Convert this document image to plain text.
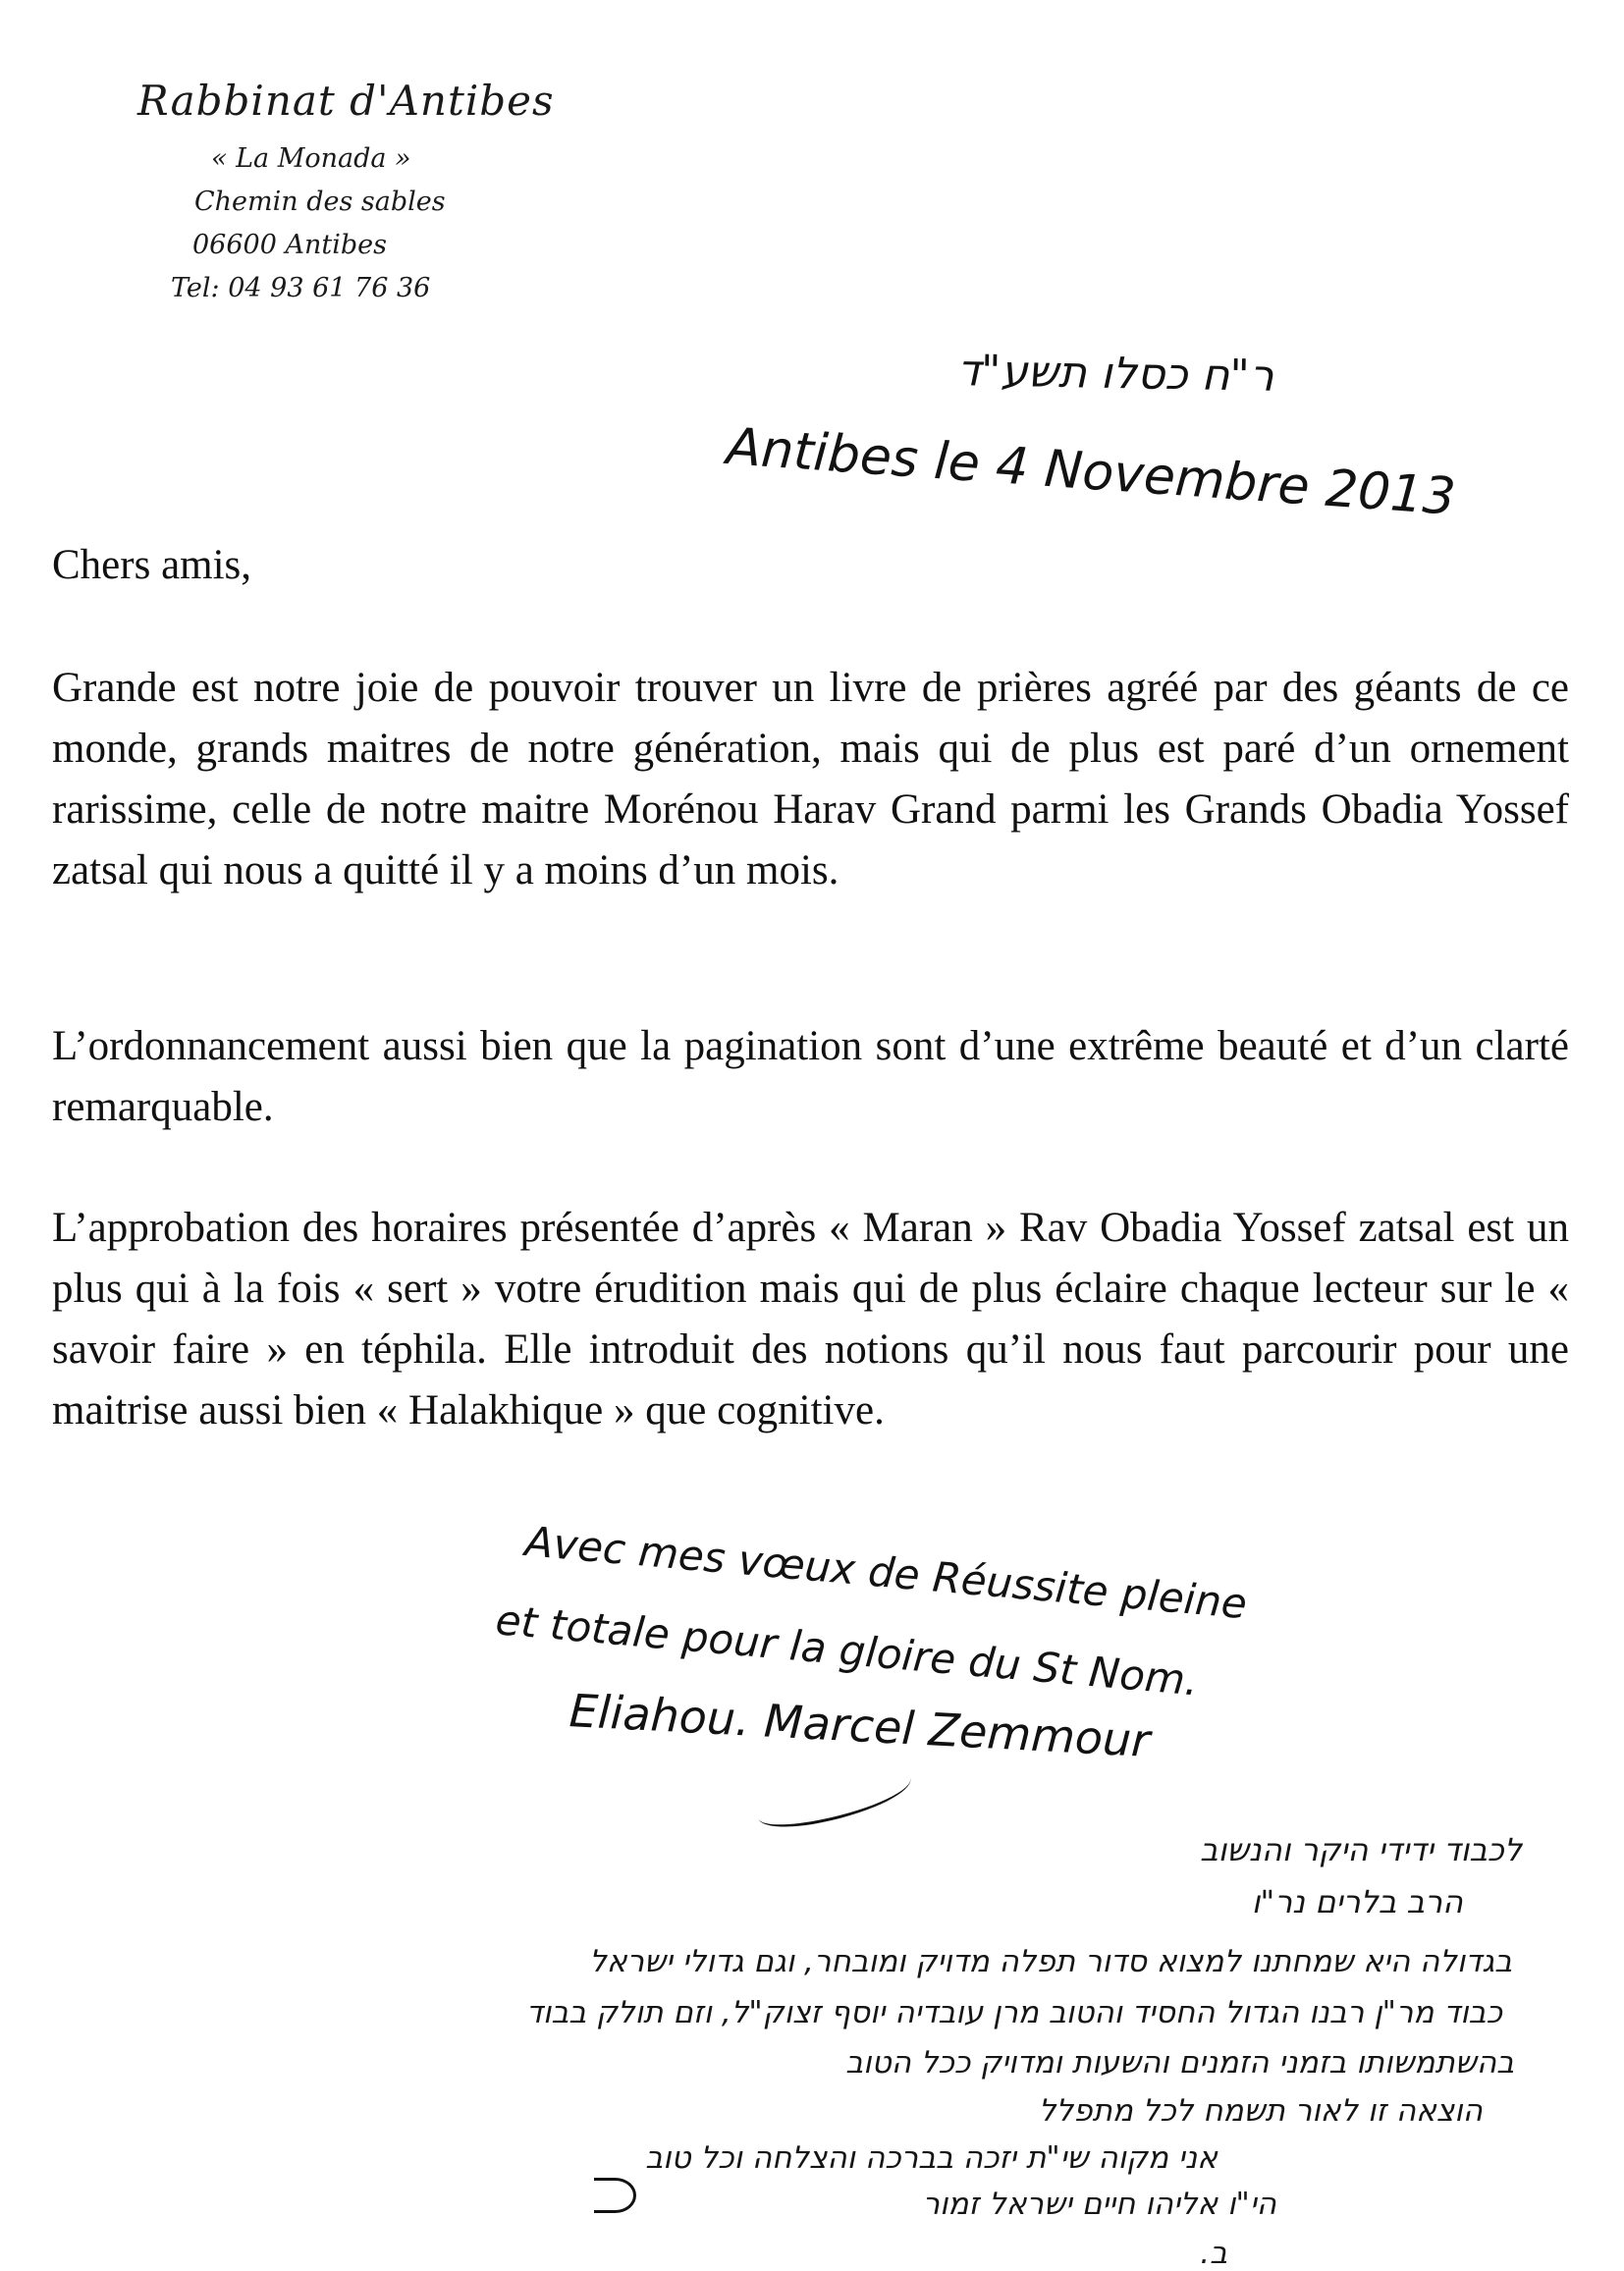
Rabbinat d'Antibes
« La Monada »
Chemin des sables
06600 Antibes
Tel: 04 93 61 76 36
ר"ח כסלו תשע"ד
Antibes le 4 Novembre 2013
Chers amis,
Grande est notre joie de pouvoir trouver un livre de prières agréé par des géants de ce monde, grands maitres de notre génération, mais qui de plus est paré d’un ornement rarissime, celle de notre maitre Morénou Harav Grand parmi les Grands Obadia Yossef zatsal qui nous a quitté il y a moins d’un mois.
L’ordonnancement aussi bien que la pagination sont d’une extrême beauté et d’un clarté remarquable.
L’approbation des horaires présentée d’après « Maran » Rav Obadia Yossef zatsal est un plus qui à la fois « sert » votre érudition mais qui de plus éclaire chaque lecteur sur le « savoir faire » en téphila. Elle introduit des notions qu’il nous faut parcourir pour une maitrise aussi bien « Halakhique » que cognitive.
Avec mes vœux de Réussite pleine
et totale pour la gloire du St Nom.
Eliahou. Marcel Zemmour
לכבוד ידידי היקר והנשוב
הרב בלרים נר"ו
בגדולה היא שמחתנו למצוא סדור תפלה מדויק ומובחר, וגם גדולי ישראל
כבוד מר"ן רבנו הגדול החסיד והטוב מרן עובדיה יוסף זצוק"ל, וזם תולק בבוד
בהשתמשותו בזמני הזמנים והשעות ומדויק ככל הטוב
הוצאה זו לאור תשמח לכל מתפלל
אני מקוה שי"ת יזכה בברכה והצלחה וכל טוב
הי"ו אליהו חיים ישראל זמור
ב.
